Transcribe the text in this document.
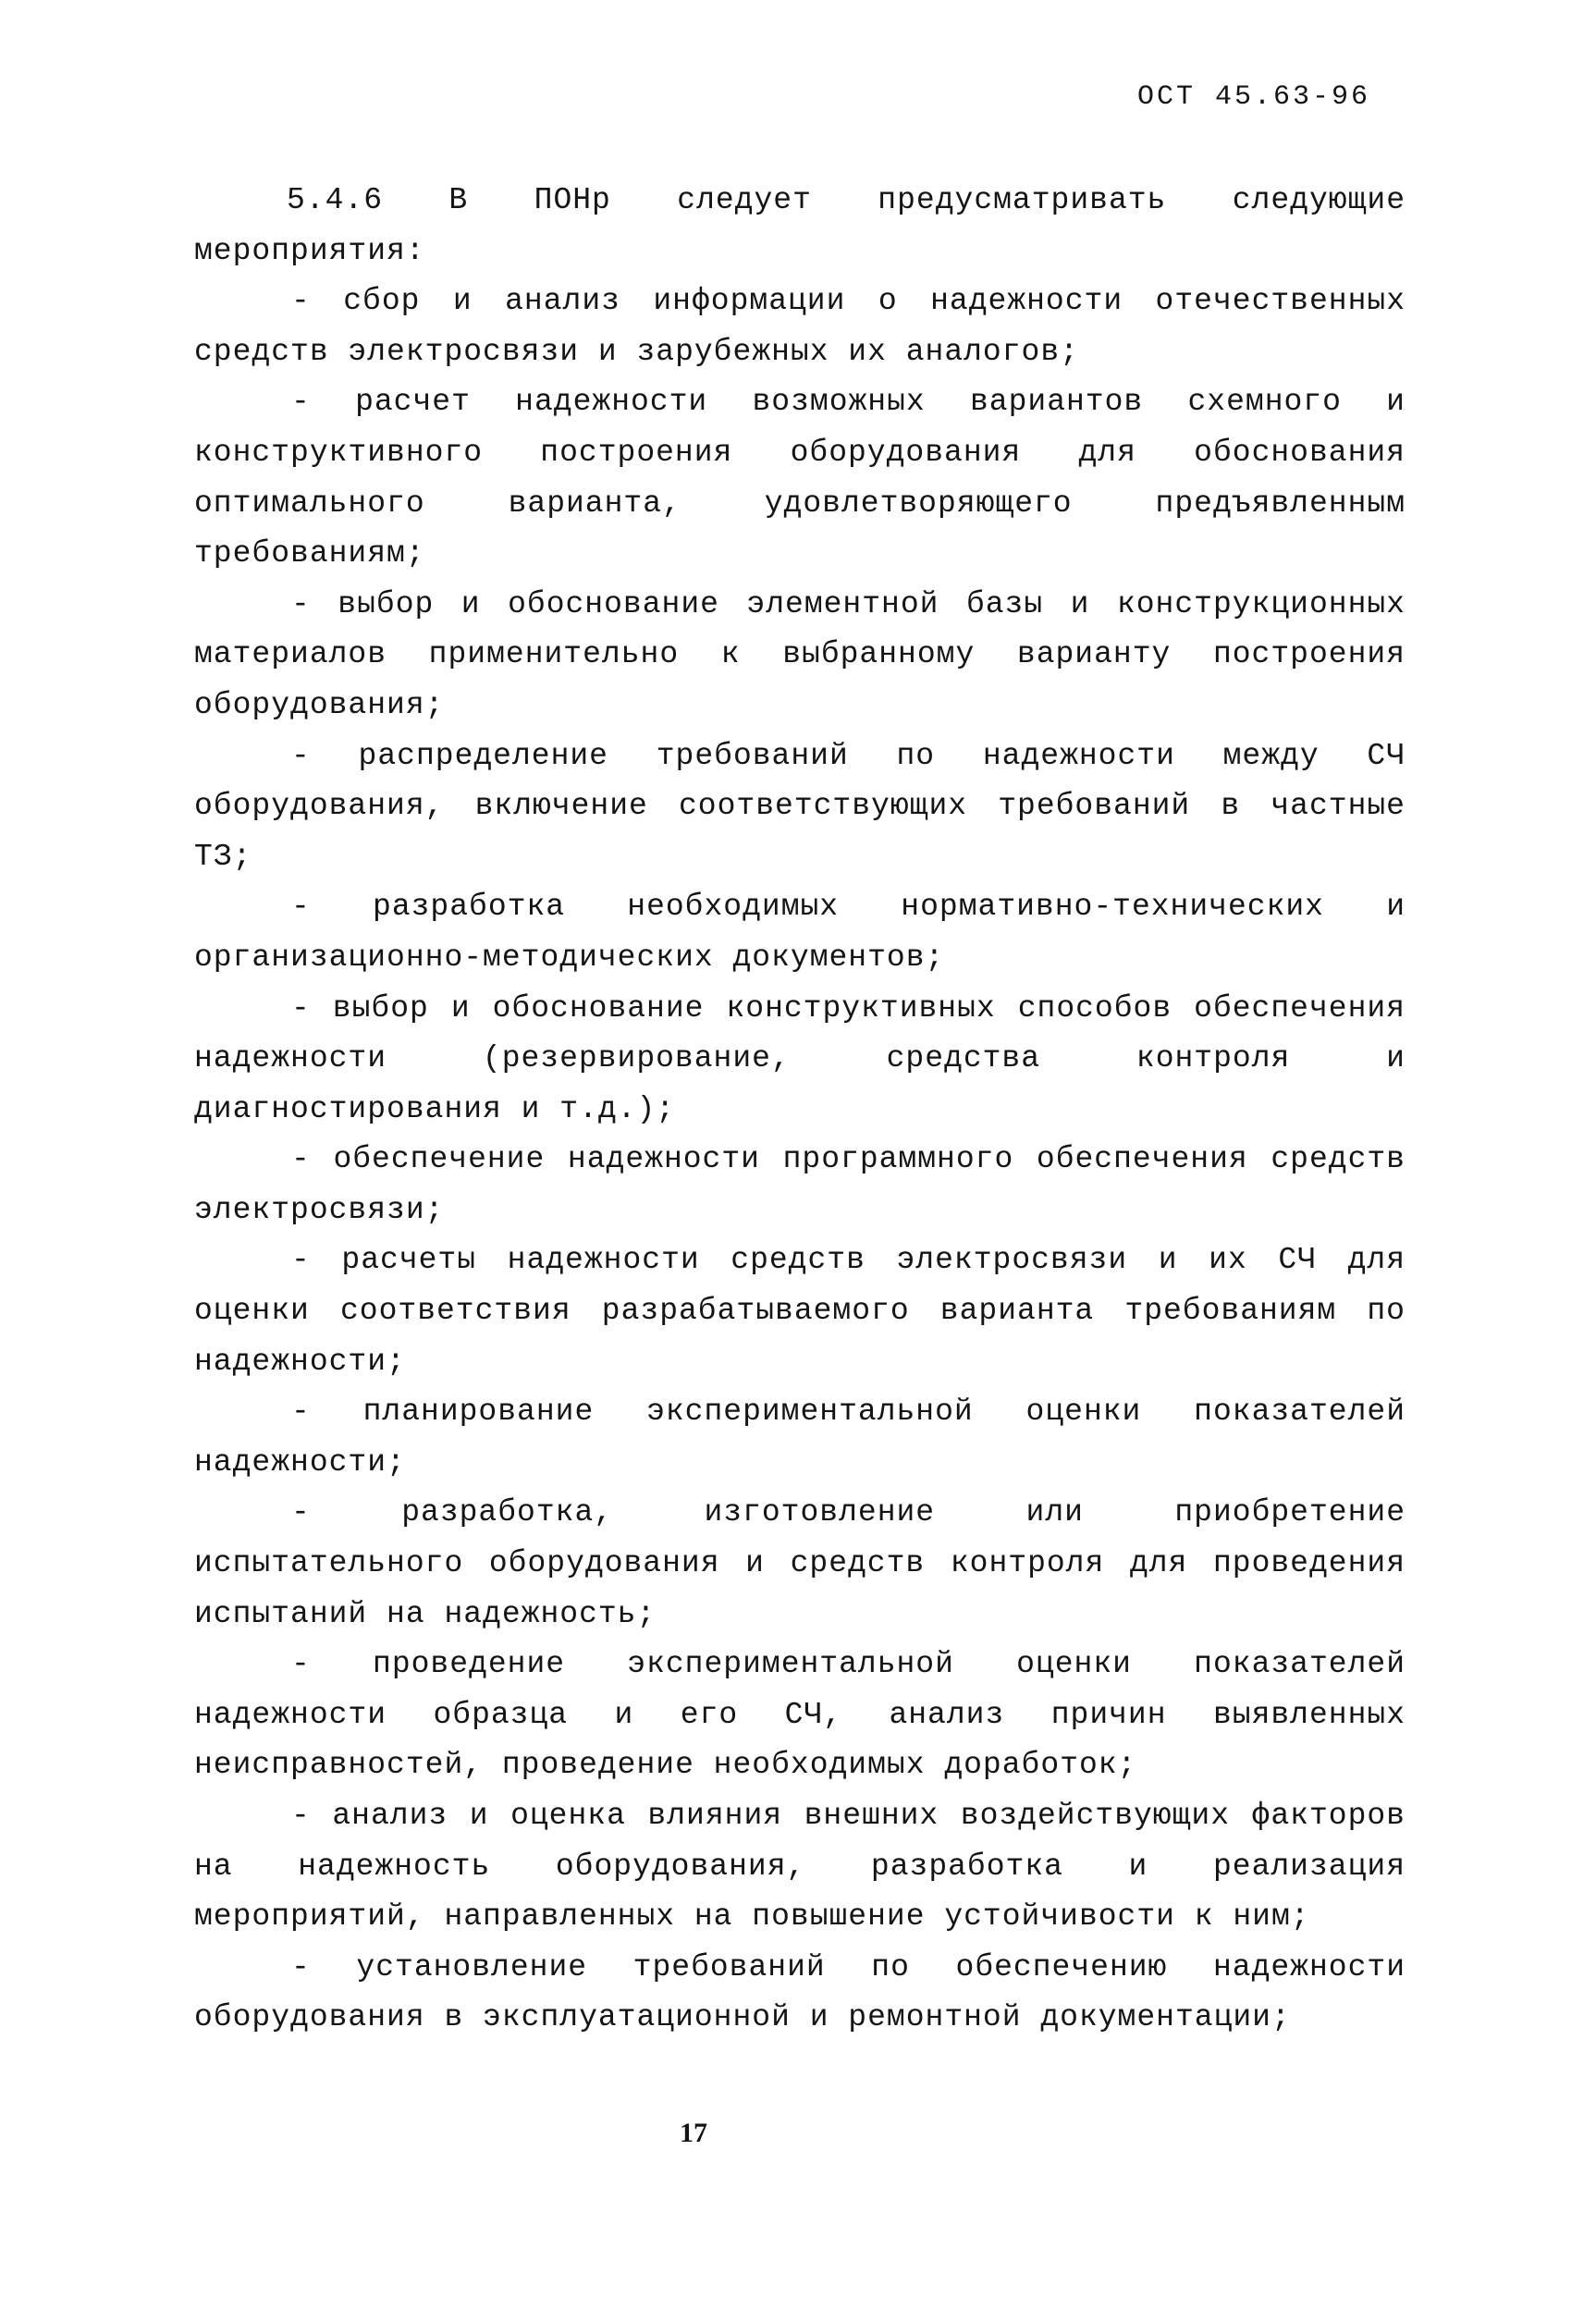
ОСТ 45.63-96

5.4.6 В ПОНр следует предусматривать следующие мероприятия:

- сбор и анализ информации о надежности отечественных средств электросвязи и зарубежных их аналогов;

- расчет надежности возможных вариантов схемного и конструктивного построения оборудования для обоснования оптимального варианта, удовлетворяющего предъявленным требованиям;

- выбор и обоснование элементной базы и конструкционных материалов применительно к выбранному варианту построения оборудования;

- распределение требований по надежности между СЧ оборудования, включение соответствующих требований в частные ТЗ;

- разработка необходимых нормативно-технических и организационно-методических документов;

- выбор и обоснование конструктивных способов обеспечения надежности (резервирование, средства контроля и диагностирования и т.д.);

- обеспечение надежности программного обеспечения средств электросвязи;

- расчеты надежности средств электросвязи и их СЧ для оценки соответствия разрабатываемого варианта требованиям по надежности;

- планирование экспериментальной оценки показателей надежности;

- разработка, изготовление или приобретение испытательного оборудования и средств контроля для проведения испытаний на надежность;

- проведение экспериментальной оценки показателей надежности образца и его СЧ, анализ причин выявленных неисправностей, проведение необходимых доработок;

- анализ и оценка влияния внешних воздействующих факторов на надежность оборудования, разработка и реализация мероприятий, направленных на повышение устойчивости к ним;

- установление требований по обеспечению надежности оборудования в эксплуатационной и ремонтной документации;

17
